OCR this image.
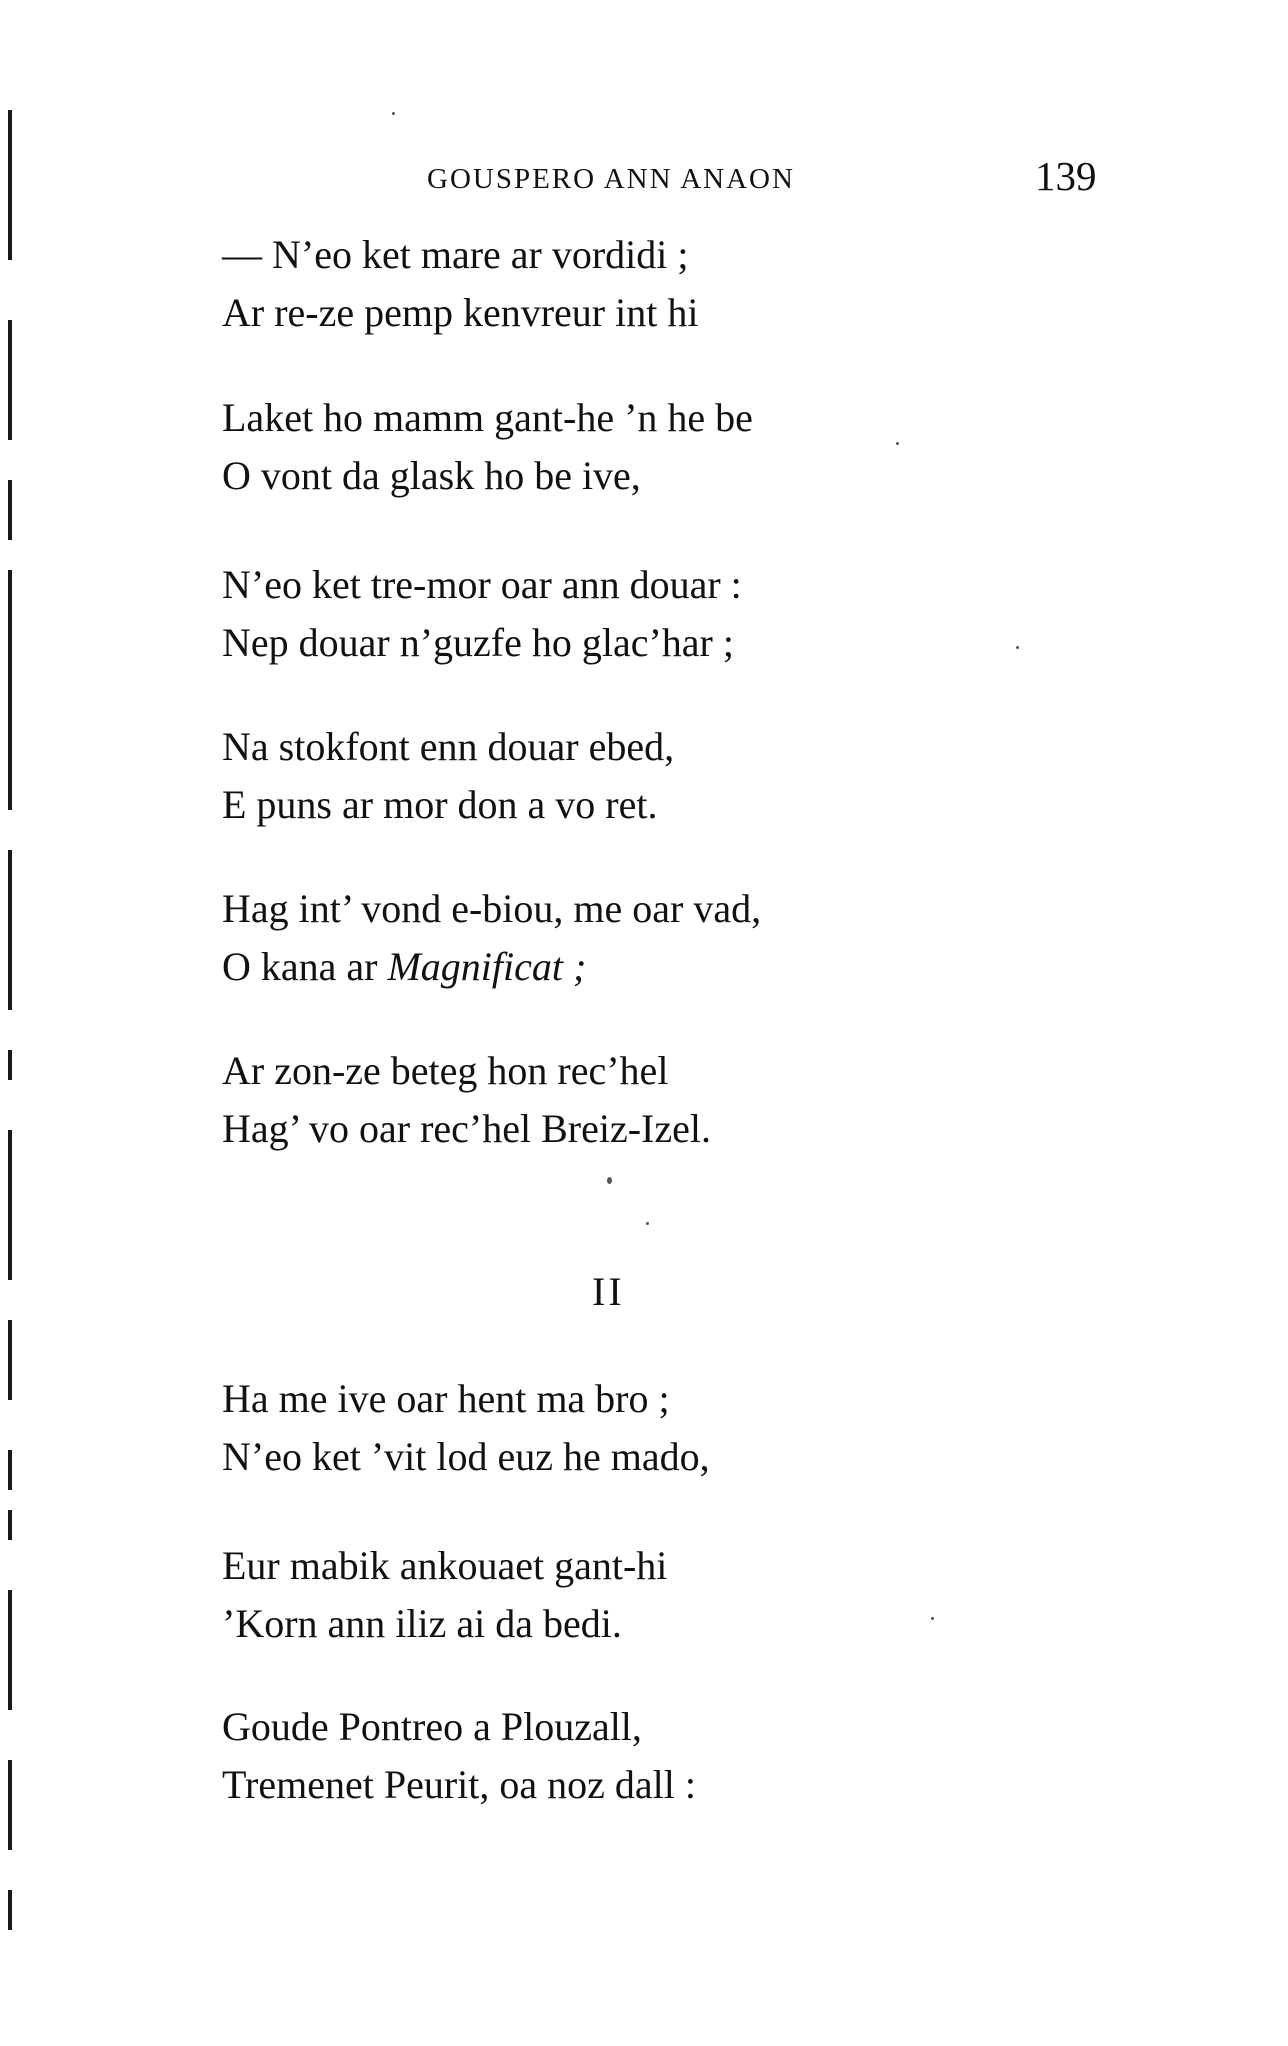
GOUSPERO ANN ANAON	139
— N’eo ket mare ar vordidi ;
Ar re-ze pemp kenvreur int hi
Laket ho mamm gant-he ’n he be
O vont da glask ho be ive,
N’eo ket tre-mor oar ann douar :
Nep douar n’guzfe ho glac’har ;
Na stokfont enn douar ebed,
E puns ar mor don a vo ret.
Hag int’ vond e-biou, me oar vad,
O kana ar Magnificat ;
Ar zon-ze beteg hon rec’hel
Hag’ vo oar rec’hel Breiz-Izel.
II
Ha me ive oar hent ma bro ;
N’eo ket ’vit lod euz he mado,
Eur mabik ankouaet gant-hi
’Korn ann iliz ai da bedi.
Goude Pontreo a Plouzall,
Tremenet Peurit, oa noz dall :
